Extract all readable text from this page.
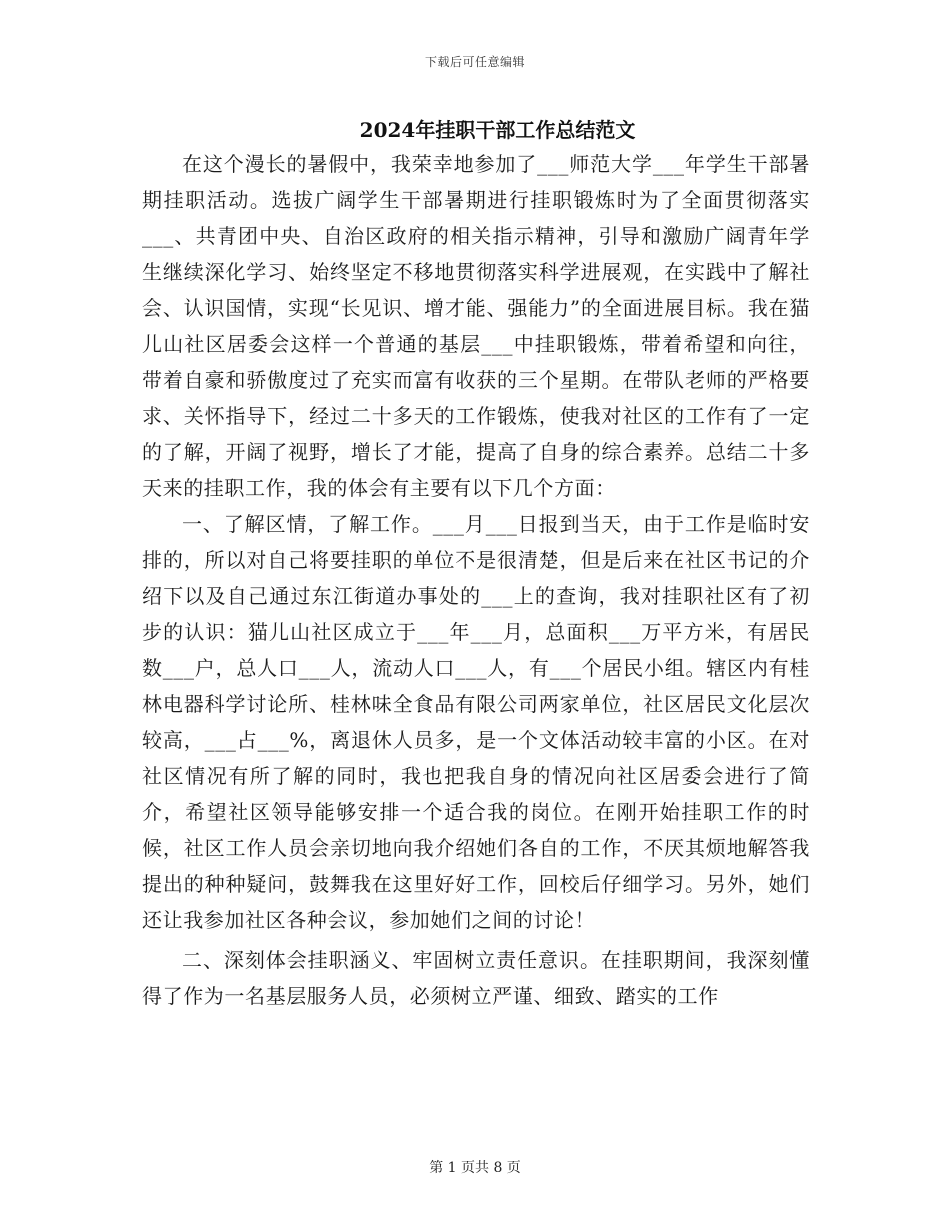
下载后可任意编辑
2024年挂职干部工作总结范文

在这个漫长的暑假中，我荣幸地参加了___师范大学___年学生干部暑期挂职活动。选拔广阔学生干部暑期进行挂职锻炼时为了全面贯彻落实___、共青团中央、自治区政府的相关指示精神，引导和激励广阔青年学生继续深化学习、始终坚定不移地贯彻落实科学进展观，在实践中了解社会、认识国情，实现“长见识、增才能、强能力”的全面进展目标。我在猫儿山社区居委会这样一个普通的基层___中挂职锻炼，带着希望和向往，带着自豪和骄傲度过了充实而富有收获的三个星期。在带队老师的严格要求、关怀指导下，经过二十多天的工作锻炼，使我对社区的工作有了一定的了解，开阔了视野，增长了才能，提高了自身的综合素养。总结二十多天来的挂职工作，我的体会有主要有以下几个方面：

一、了解区情，了解工作。___月___日报到当天，由于工作是临时安排的，所以对自己将要挂职的单位不是很清楚，但是后来在社区书记的介绍下以及自己通过东江街道办事处的___上的查询，我对挂职社区有了初步的认识：猫儿山社区成立于___年___月，总面积___万平方米，有居民数___户，总人口___人，流动人口___人，有___个居民小组。辖区内有桂林电器科学讨论所、桂林味全食品有限公司两家单位，社区居民文化层次较高，___占___%，离退休人员多，是一个文体活动较丰富的小区。在对社区情况有所了解的同时，我也把我自身的情况向社区居委会进行了简介，希望社区领导能够安排一个适合我的岗位。在刚开始挂职工作的时候，社区工作人员会亲切地向我介绍她们各自的工作，不厌其烦地解答我提出的种种疑问，鼓舞我在这里好好工作，回校后仔细学习。另外，她们还让我参加社区各种会议，参加她们之间的讨论！

二、深刻体会挂职涵义、牢固树立责任意识。在挂职期间，我深刻懂得了作为一名基层服务人员，必须树立严谨、细致、踏实的工作

第 1 页共 8 页
